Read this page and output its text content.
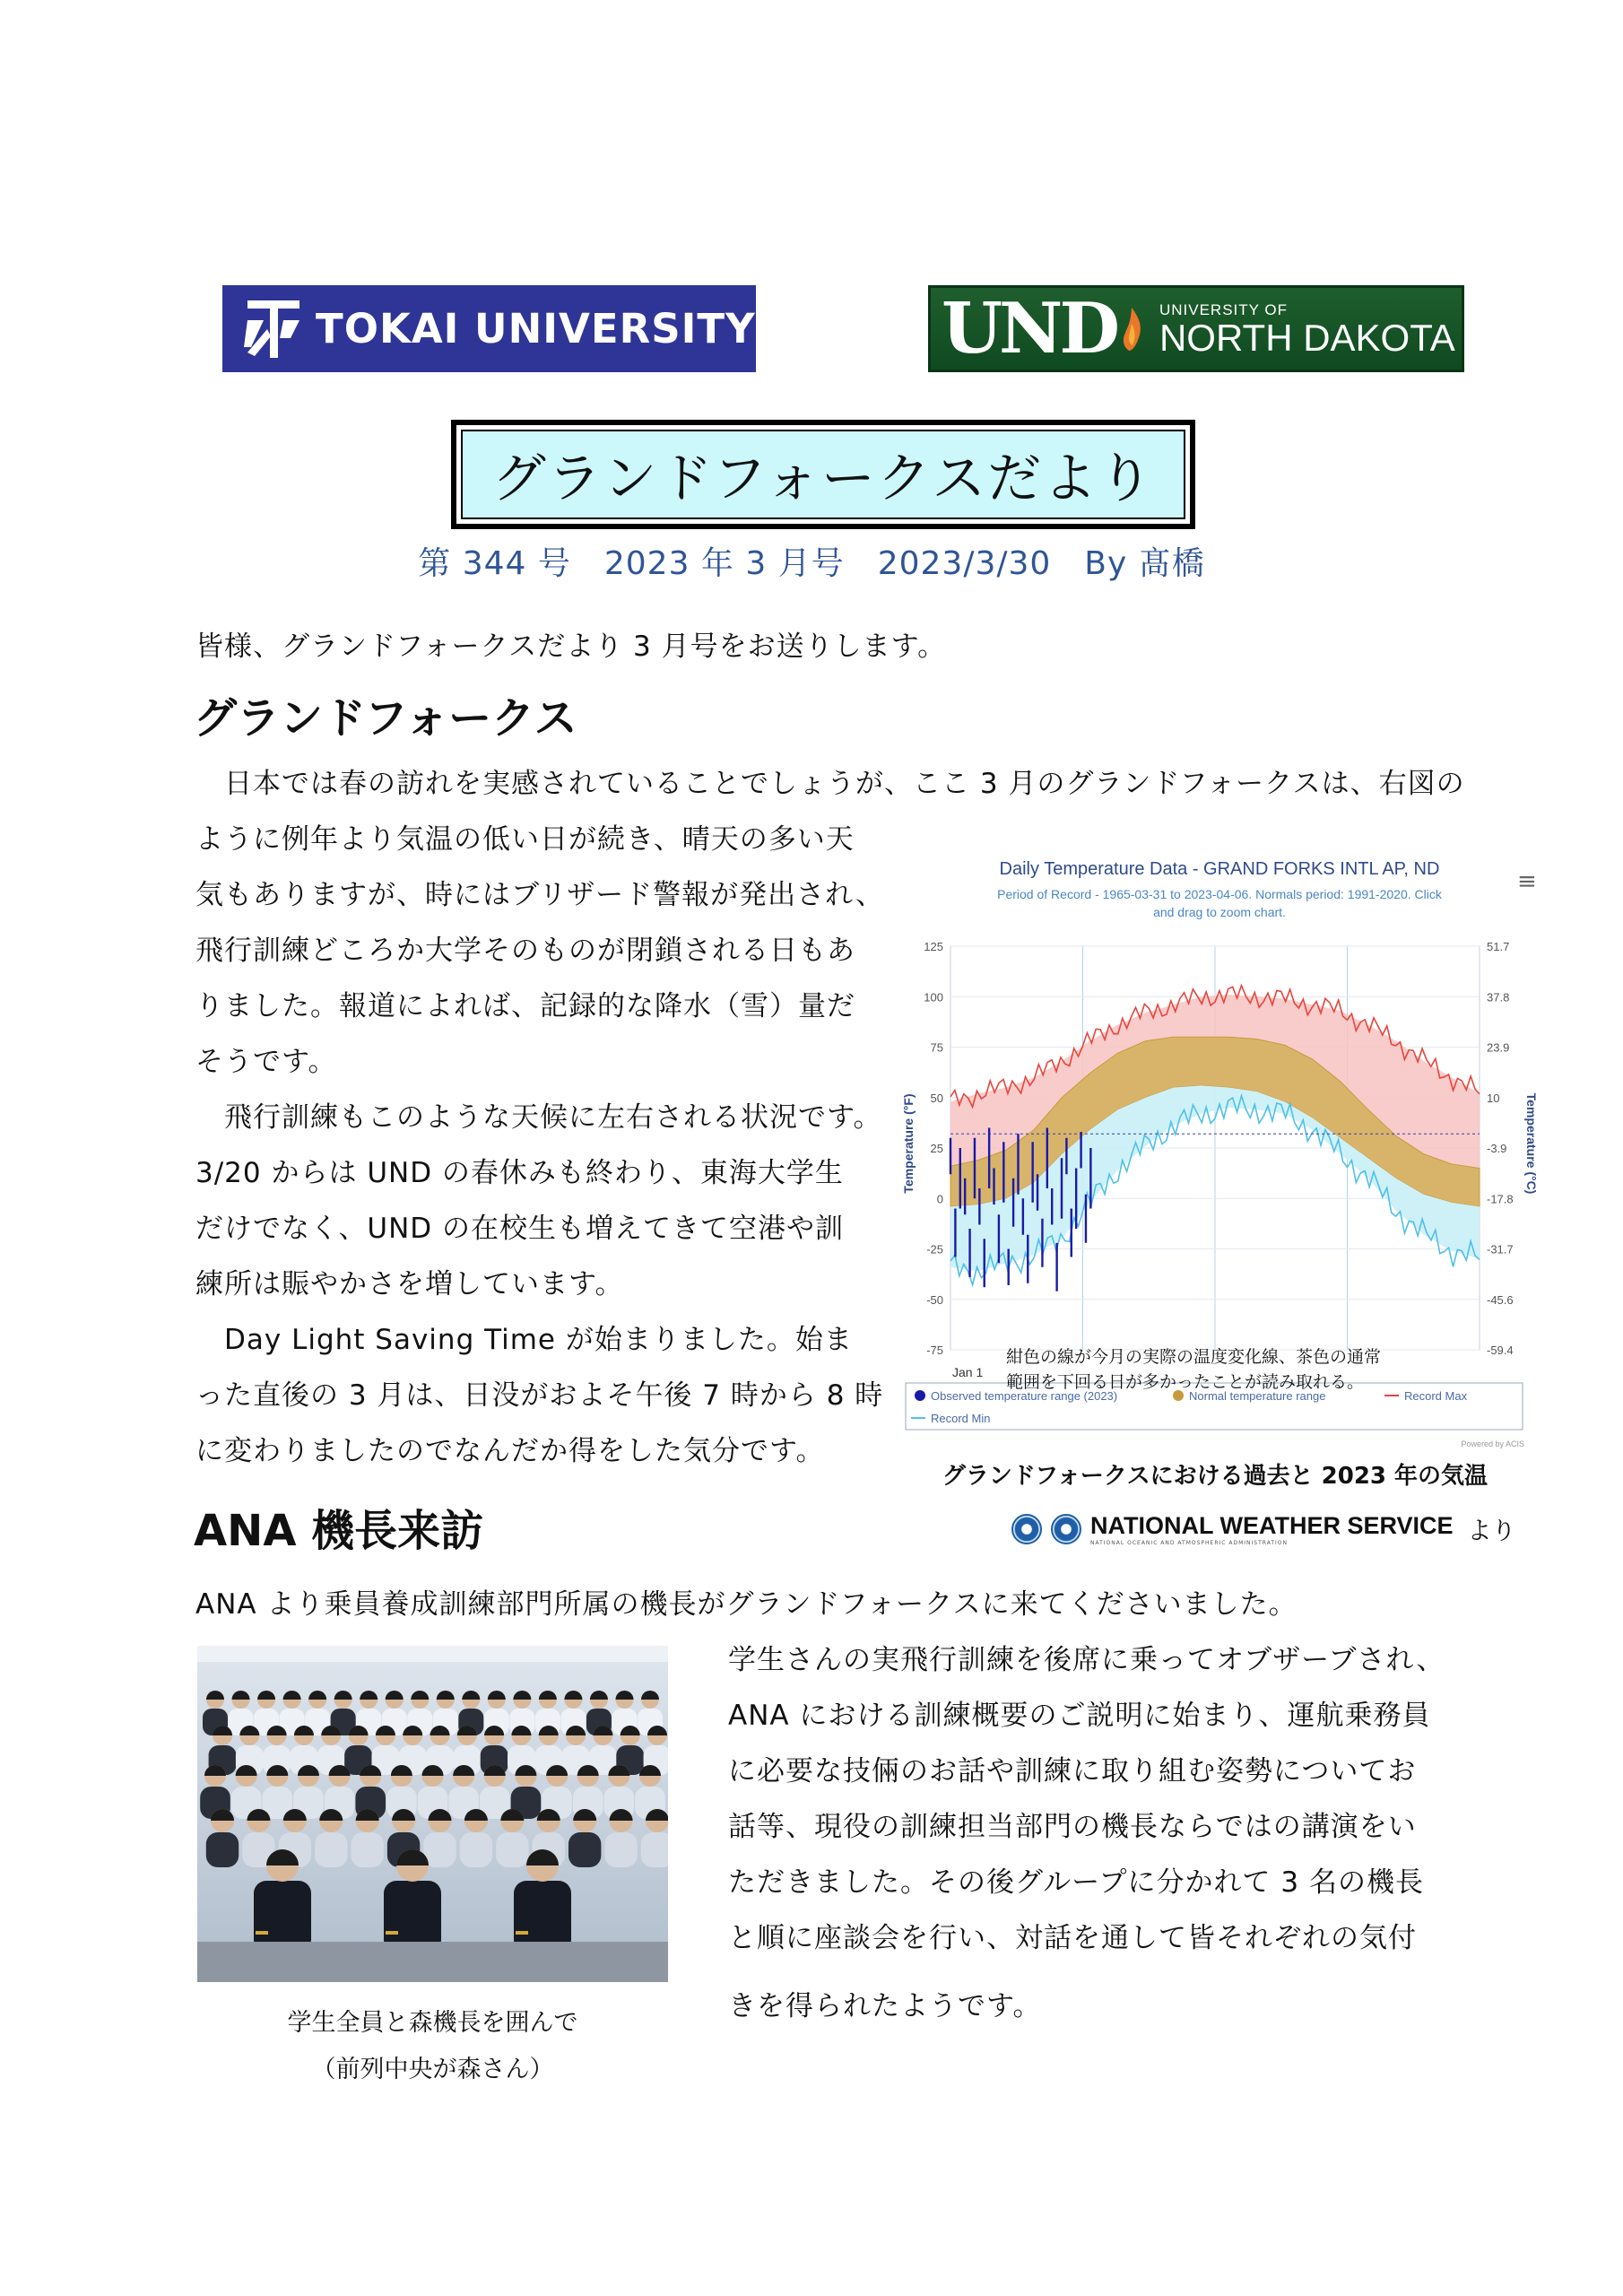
TOKAI UNIVERSITY	UND	UNIVERSITY OF
NORTH DAKOTA
グランドフォークスだより
第 344 号　2023 年 3 月号　2023/3/30　By 髙橋
皆様、グランドフォークスだより 3 月号をお送りします。
グランドフォークス
　日本では春の訪れを実感されていることでしょうが、ここ 3 月のグランドフォークスは、右図の
ように例年より気温の低い日が続き、晴天の多い天
気もありますが、時にはブリザード警報が発出され、
飛行訓練どころか大学そのものが閉鎖される日もあ
りました。報道によれば、記録的な降水（雪）量だ
そうです。
　飛行訓練もこのような天候に左右される状況です。
3/20 からは UND の春休みも終わり、東海大学生
だけでなく、UND の在校生も増えてきて空港や訓
練所は賑やかさを増しています。
　Day Light Saving Time が始まりました。始ま
った直後の 3 月は、日没がおよそ午後 7 時から 8 時
に変わりましたのでなんだか得をした気分です。
Daily Temperature Data - GRAND FORKS INTL AP, ND
Period of Record - 1965-03-31 to 2023-04-06. Normals period: 1991-2020. Click
and drag to zoom chart.
≡
125	51.7
100	37.8
75	23.9
50	10
25	-3.9
0	-17.8
-25	-31.7
-50	-45.6
-75	-59.4
Temperature (°F)	Temperature (°C)
Jan 1
Observed temperature range (2023)	Normal temperature range	Record Max
Record Min
紺色の線が今月の実際の温度変化線、茶色の通常
範囲を下回る日が多かったことが読み取れる。
Powered by ACIS
グランドフォークスにおける過去と 2023 年の気温
NATIONAL WEATHER SERVICE
NATIONAL OCEANIC AND ATMOSPHERIC ADMINISTRATION	より
ANA 機長来訪
ANA より乗員養成訓練部門所属の機長がグランドフォークスに来てくださいました。
学生全員と森機長を囲んで
（前列中央が森さん）
学生さんの実飛行訓練を後席に乗ってオブザーブされ、
ANA における訓練概要のご説明に始まり、運航乗務員
に必要な技倆のお話や訓練に取り組む姿勢についてお
話等、現役の訓練担当部門の機長ならではの講演をい
ただきました。その後グループに分かれて 3 名の機長
と順に座談会を行い、対話を通して皆それぞれの気付
きを得られたようです。
